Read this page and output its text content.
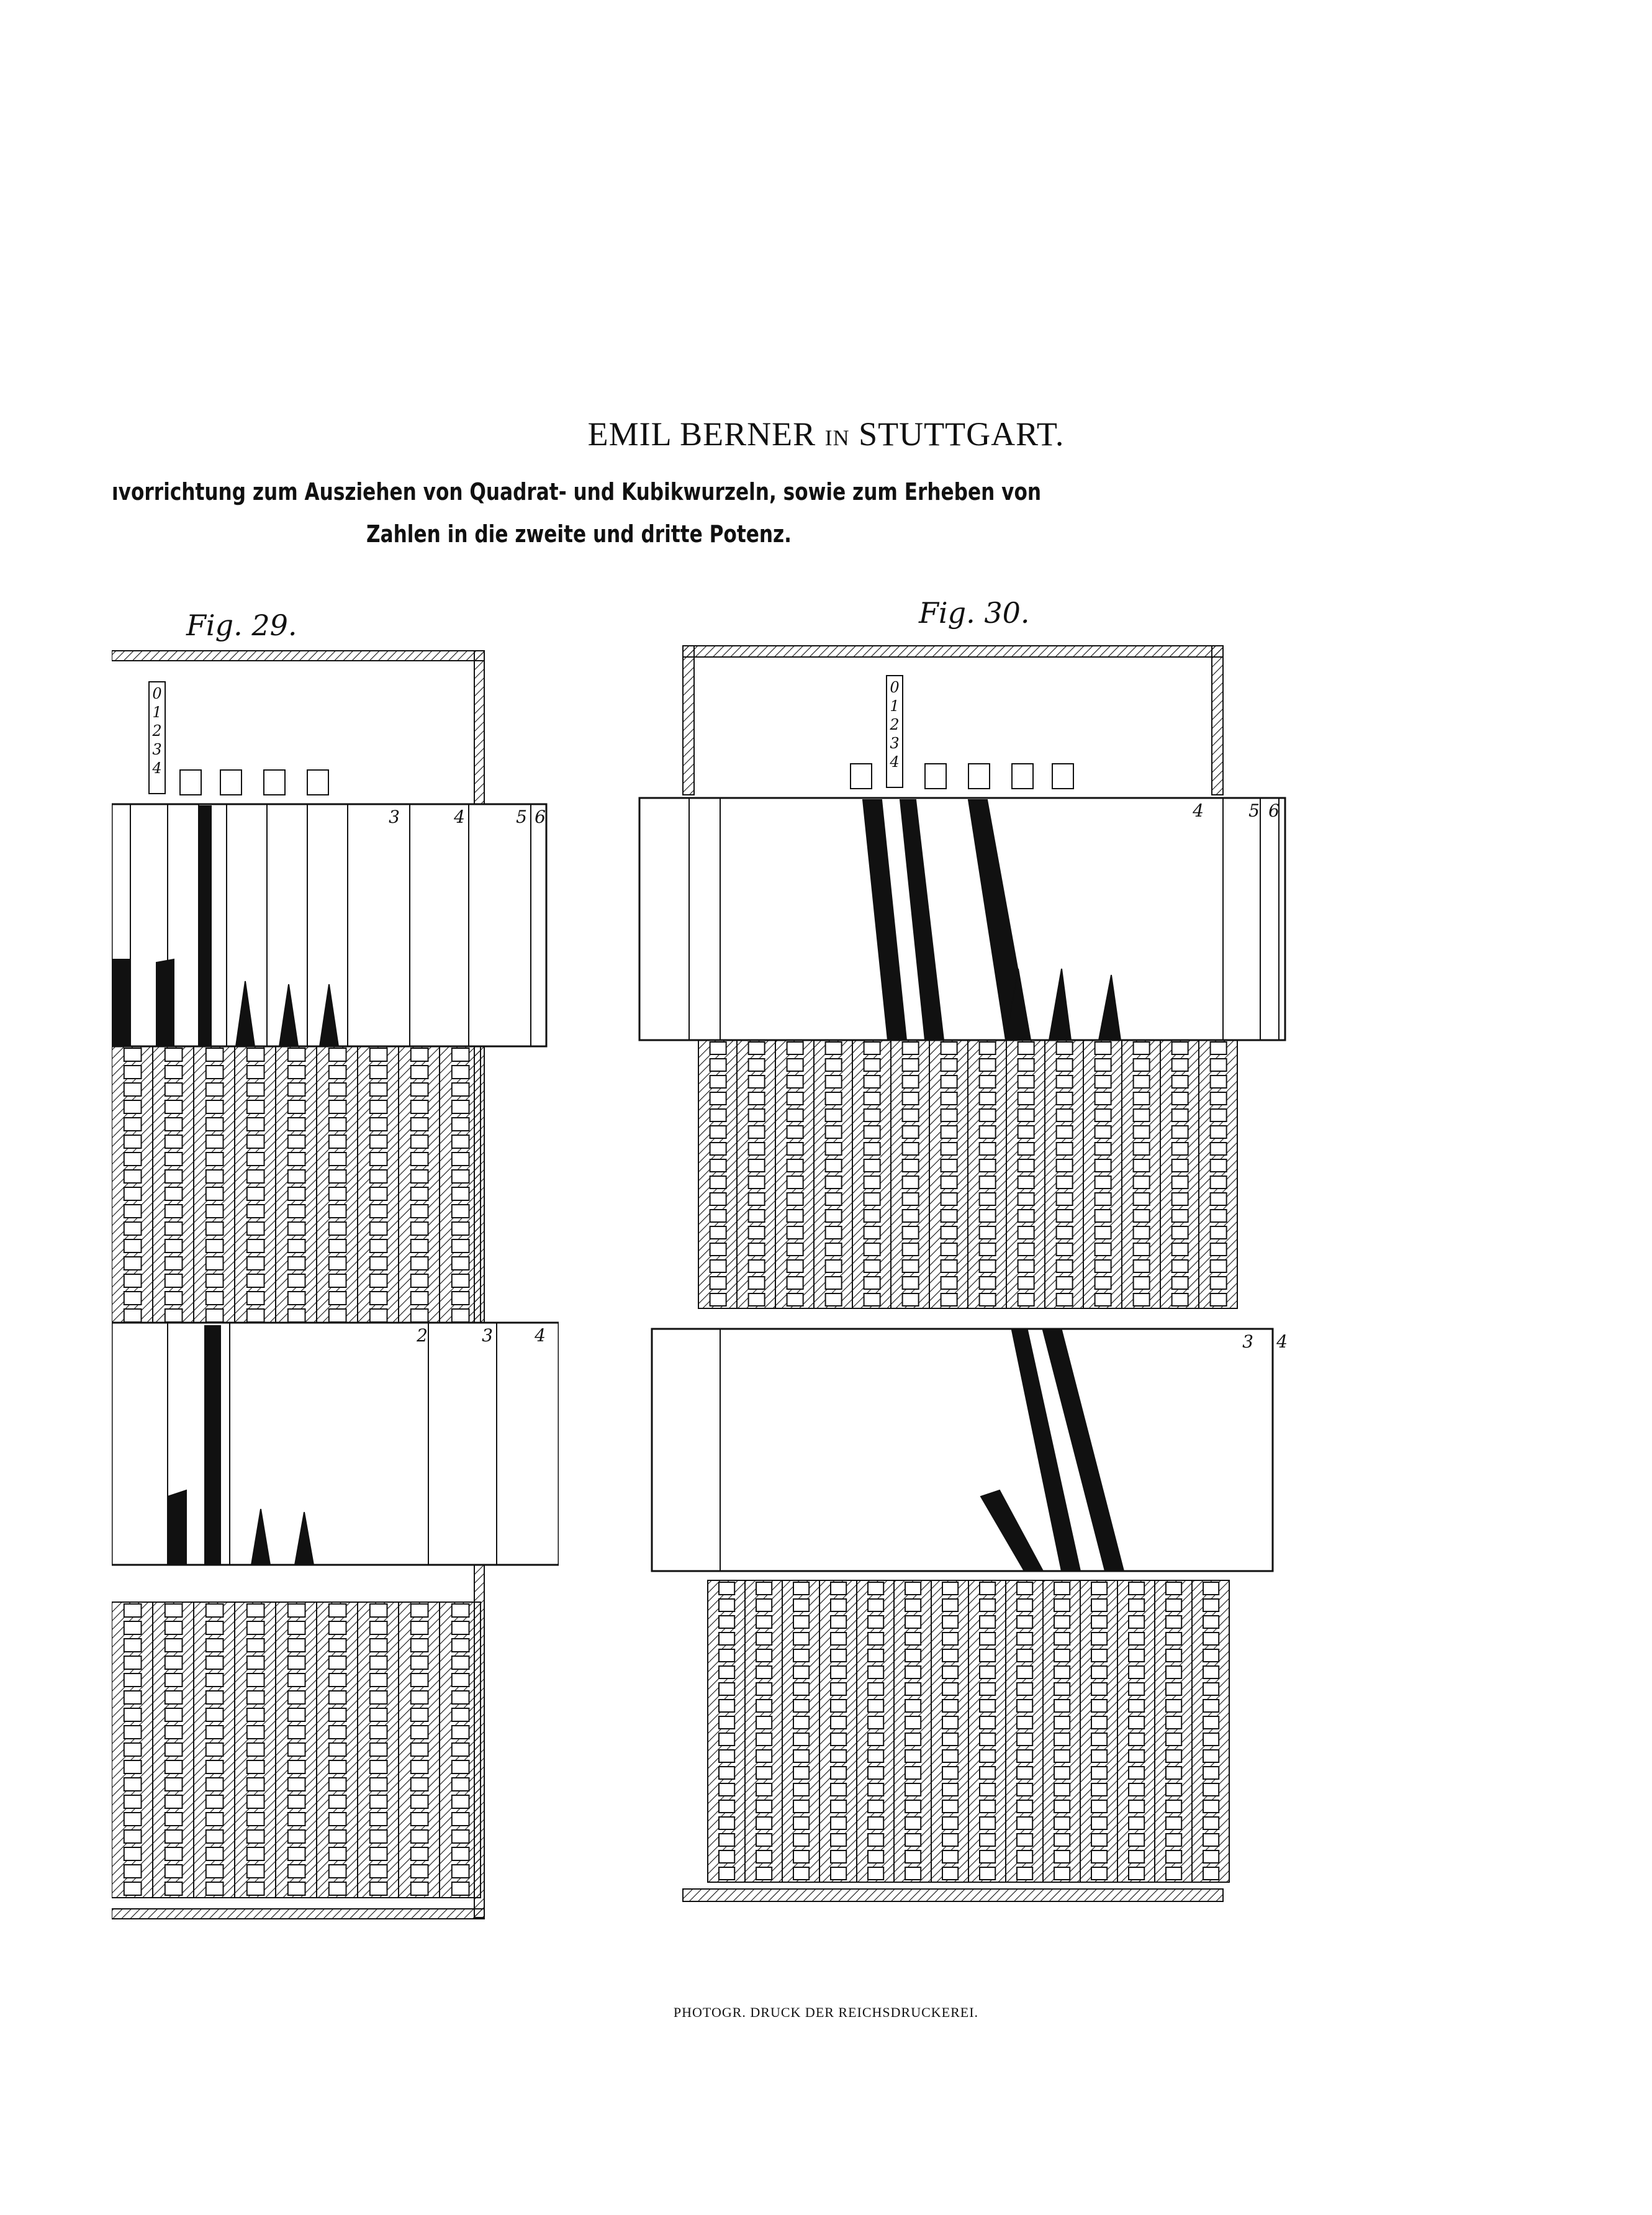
EMIL BERNER IN STUTTGART.
ıvorrichtung zum Ausziehen von Quadrat- und Kubikwurzeln, sowie zum Erheben von
Zahlen in die zweite und dritte Potenz.
Fig. 29.	Fig. 30.
0
1
2
3
4
3	4	5 6
2	3 4
0
1
2
3
4
4	5 6
3 4
PHOTOGR. DRUCK DER REICHSDRUCKEREI.
